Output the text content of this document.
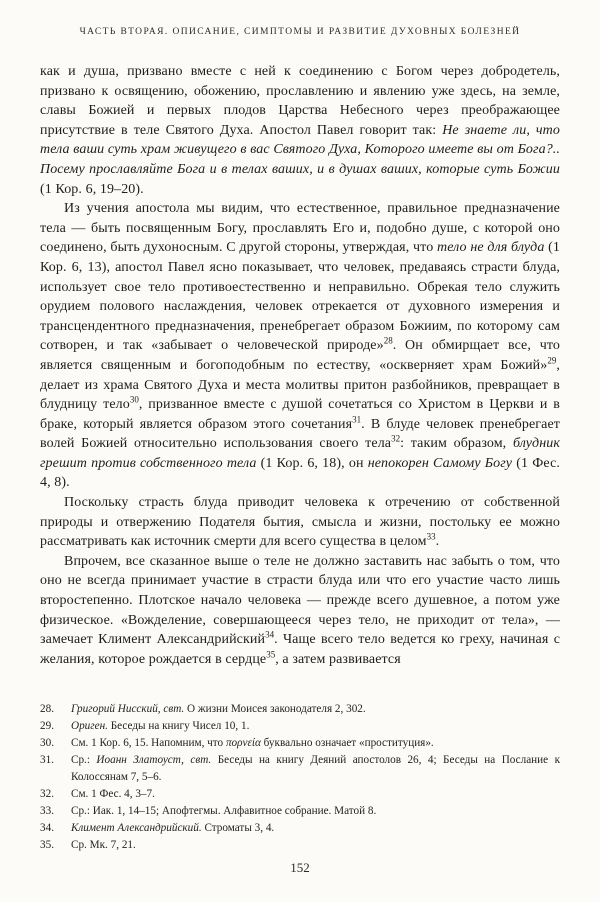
ЧАСТЬ ВТОРАЯ. ОПИСАНИЕ, СИМПТОМЫ И РАЗВИТИЕ ДУХОВНЫХ БОЛЕЗНЕЙ

как и душа, призвано вместе с ней к соединению с Богом через добродетель, призвано к освящению, обожению, прославлению и явлению уже здесь, на земле, славы Божией и первых плодов Царства Небесного через преображающее присутствие в теле Святого Духа. Апостол Павел говорит так: Не знаете ли, что тела ваши суть храм живущего в вас Святого Духа, Которого имеете вы от Бога?.. Посему прославляйте Бога и в телах ваших, и в душах ваших, которые суть Божии (1 Кор. 6, 19–20).

Из учения апостола мы видим, что естественное, правильное предназначение тела — быть посвященным Богу, прославлять Его и, подобно душе, с которой оно соединено, быть духоносным. С другой стороны, утверждая, что тело не для блуда (1 Кор. 6, 13), апостол Павел ясно показывает, что человек, предаваясь страсти блуда, использует свое тело противоестественно и неправильно. Обрекая тело служить орудием полового наслаждения, человек отрекается от духовного измерения и трансцендентного предназначения, пренебрегает образом Божиим, по которому сам сотворен, и так «забывает о человеческой природе»$^{28}$. Он обмирщает все, что является священным и богоподобным по естеству, «оскверняет храм Божий»$^{29}$, делает из храма Святого Духа и места молитвы притон разбойников, превращает в блудницу тело$^{30}$, призванное вместе с душой сочетаться со Христом в Церкви и в браке, который является образом этого сочетания$^{31}$. В блуде человек пренебрегает волей Божией относительно использования своего тела$^{32}$: таким образом, блудник грешит против собственного тела (1 Кор. 6, 18), он непокорен Самому Богу (1 Фес. 4, 8).

Поскольку страсть блуда приводит человека к отречению от собственной природы и отвержению Подателя бытия, смысла и жизни, постольку ее можно рассматривать как источник смерти для всего существа в целом$^{33}$.

Впрочем, все сказанное выше о теле не должно заставить нас забыть о том, что оно не всегда принимает участие в страсти блуда или что его участие часто лишь второстепенно. Плотское начало человека — прежде всего душевное, а потом уже физическое. «Вожделение, совершающееся через тело, не приходит от тела», — замечает Климент Александрийский$^{34}$. Чаще всего тело ведется ко греху, начиная с желания, которое рождается в сердце$^{35}$, а затем развивается

28.	Григорий Нисский, свт. О жизни Моисея законодателя 2, 302.
29.	Ориген. Беседы на книгу Чисел 10, 1.
30.	См. 1 Кор. 6, 15. Напомним, что πορνεία буквально означает «проституция».
31.	Ср.: Иоанн Златоуст, свт. Беседы на книгу Деяний апостолов 26, 4; Беседы на Послание к Колоссянам 7, 5–6.
32.	См. 1 Фес. 4, 3–7.
33.	Ср.: Иак. 1, 14–15; Апофтегмы. Алфавитное собрание. Матой 8.
34.	Климент Александрийский. Строматы 3, 4.
35.	Ср. Мк. 7, 21.
152
